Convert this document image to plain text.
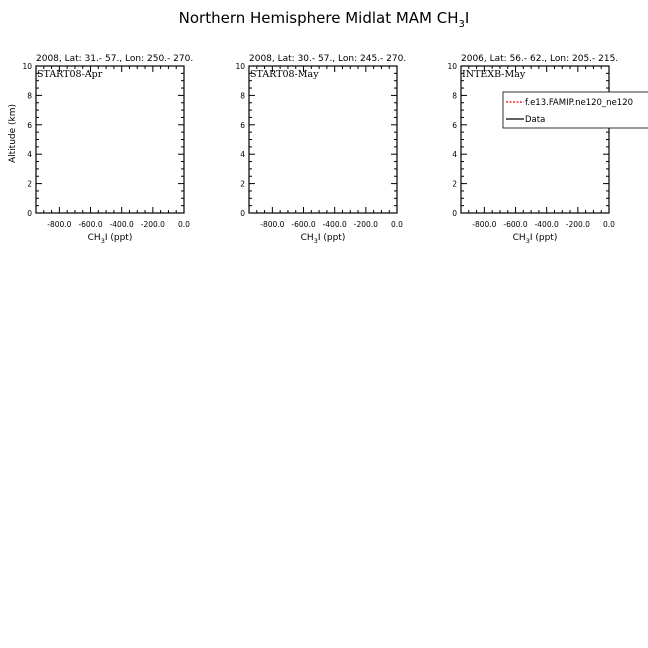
Northern Hemisphere Midlat MAM $CH_3I$
2008, Lat: 31.- 57., Lon: 250.- 270.
START08-Apr
0
2
4
6
8
10
-800.0 -600.0 -400.0 -200.0 0.0
$CH_3I$ (ppt)
Altitude (km)
2008, Lat: 30.- 57., Lon: 245.- 270.
START08-May
0
2
4
6
8
10
-800.0 -600.0 -400.0 -200.0 0.0
$CH_3I$ (ppt)
2006, Lat: 56.- 62., Lon: 205.- 215.
INTEXB-May
0
2
4
6
8
10
-800.0 -600.0 -400.0 -200.0 0.0
$CH_3I$ (ppt)
f.e13.FAMIP.ne120_ne120
Data
